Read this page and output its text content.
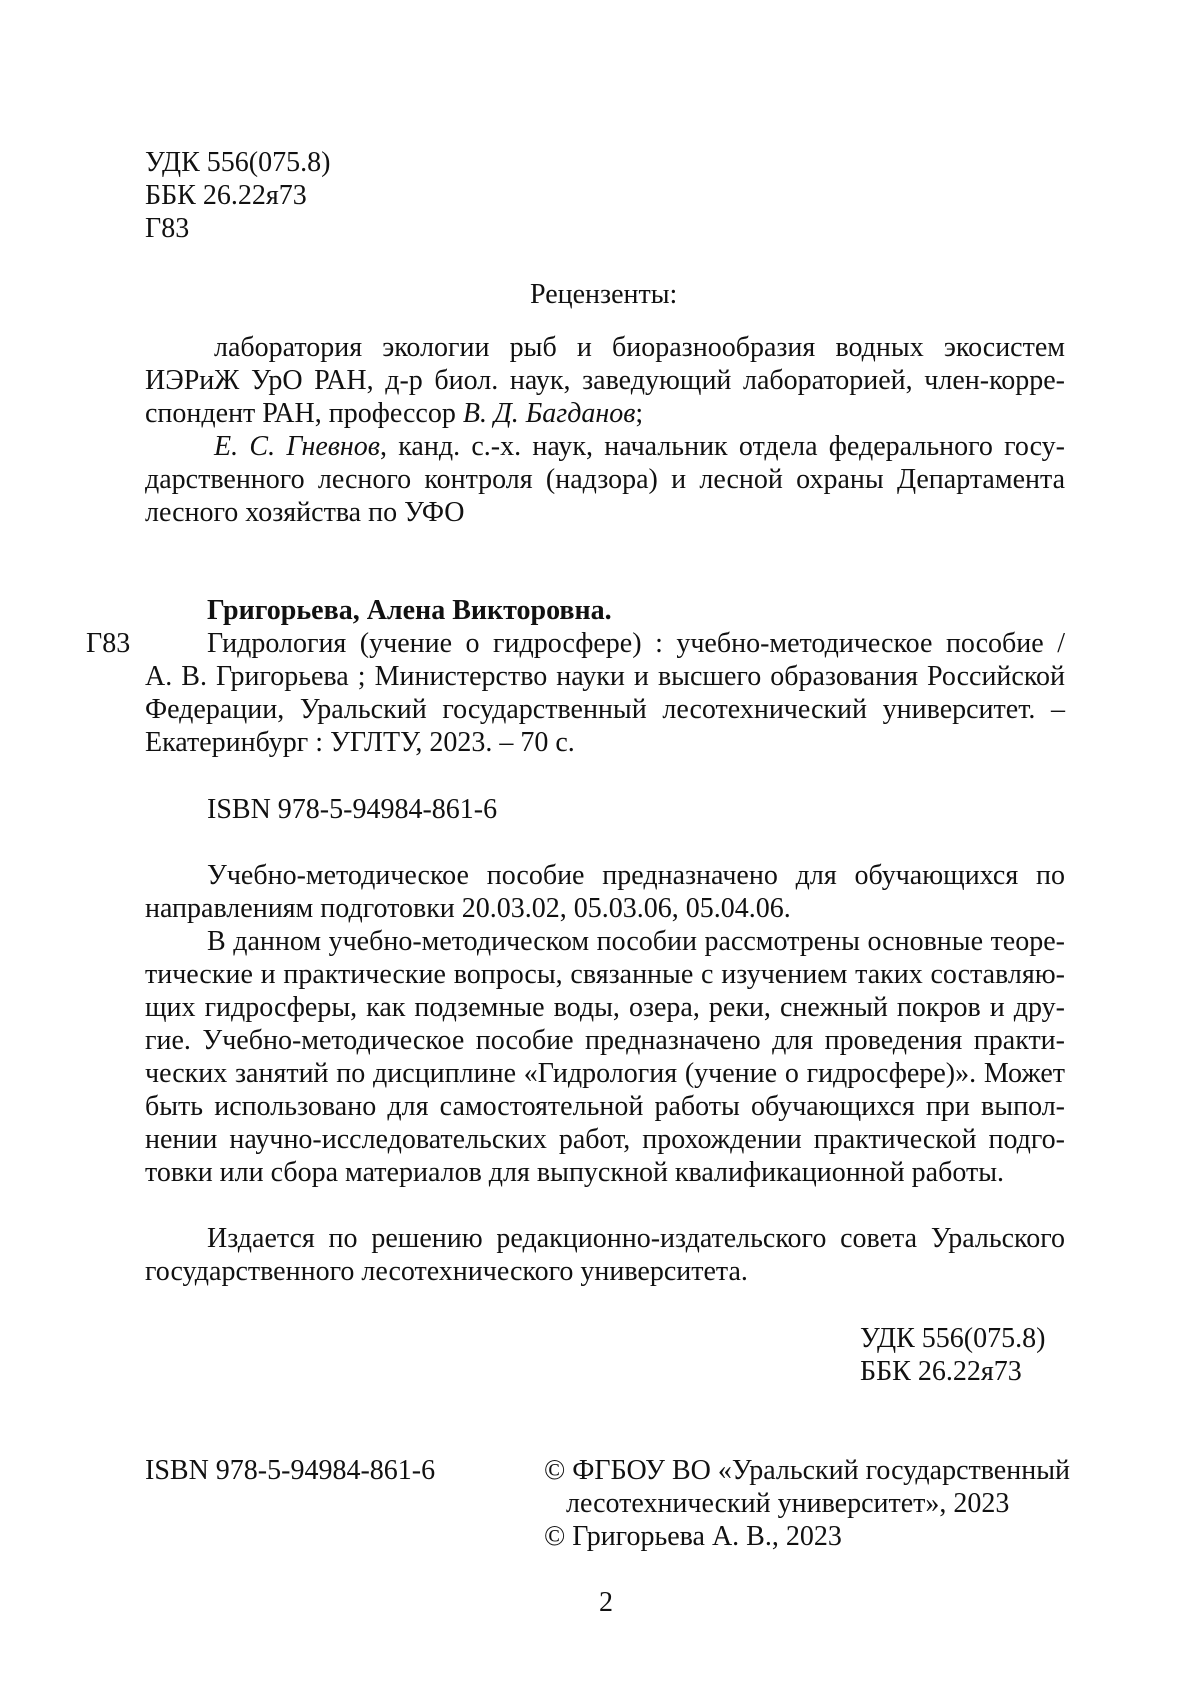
УДК 556(075.8)
ББК 26.22я73
Г83
Рецензенты:
лаборатория экологии рыб и биоразнообразия водных экосистем
ИЭРиЖ УрО РАН, д-р биол. наук, заведующий лабораторией, член-корре-
спондент РАН, профессор В. Д. Багданов;
Е. С. Гневнов, канд. с.-х. наук, начальник отдела федерального госу-
дарственного лесного контроля (надзора) и лесной охраны Департамента
лесного хозяйства по УФО
Григорьева, Алена Викторовна.
Г83	Гидрология (учение о гидросфере) : учебно-методическое пособие /
А. В. Григорьева ; Министерство науки и высшего образования Российской
Федерации, Уральский государственный лесотехнический университет. –
Екатеринбург : УГЛТУ, 2023. – 70 с.
ISBN 978-5-94984-861-6
Учебно-методическое пособие предназначено для обучающихся по
направлениям подготовки 20.03.02, 05.03.06, 05.04.06.
В данном учебно-методическом пособии рассмотрены основные теоре-
тические и практические вопросы, связанные с изучением таких составляю-
щих гидросферы, как подземные воды, озера, реки, снежный покров и дру-
гие. Учебно-методическое пособие предназначено для проведения практи-
ческих занятий по дисциплине «Гидрология (учение о гидросфере)». Может
быть использовано для самостоятельной работы обучающихся при выпол-
нении научно-исследовательских работ, прохождении практической подго-
товки или сбора материалов для выпускной квалификационной работы.
Издается по решению редакционно-издательского совета Уральского
государственного лесотехнического университета.
УДК 556(075.8)
ББК 26.22я73
ISBN 978-5-94984-861-6	© ФГБОУ ВО «Уральский государственный
лесотехнический университет», 2023
© Григорьева А. В., 2023
2
